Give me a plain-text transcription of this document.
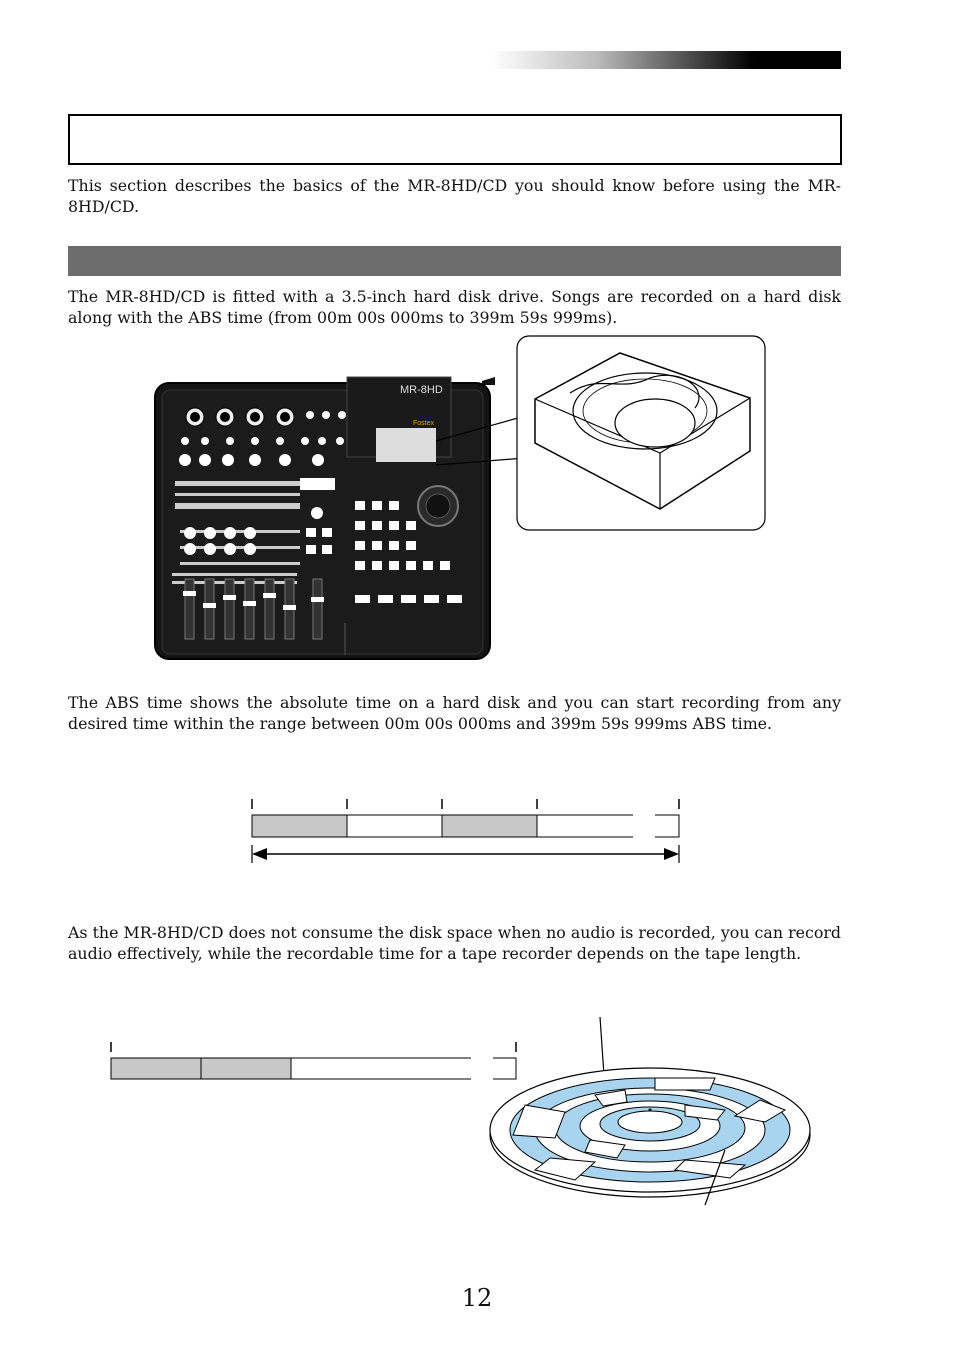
This section describes the basics of the MR-8HD/CD you should know before using the MR-8HD/CD.
The MR-8HD/CD is fitted with a 3.5-inch hard disk drive. Songs are recorded on a hard disk along with the ABS time (from 00m 00s 000ms to 399m 59s 999ms).
MR-8HD
Fostex
The ABS time shows the absolute time on a hard disk and you can start recording from any desired time within the range between 00m 00s 000ms and 399m 59s 999ms ABS time.
As the MR-8HD/CD does not consume the disk space when no audio is recorded, you can record audio effectively, while the recordable time for a tape recorder depends on the tape length.
12
